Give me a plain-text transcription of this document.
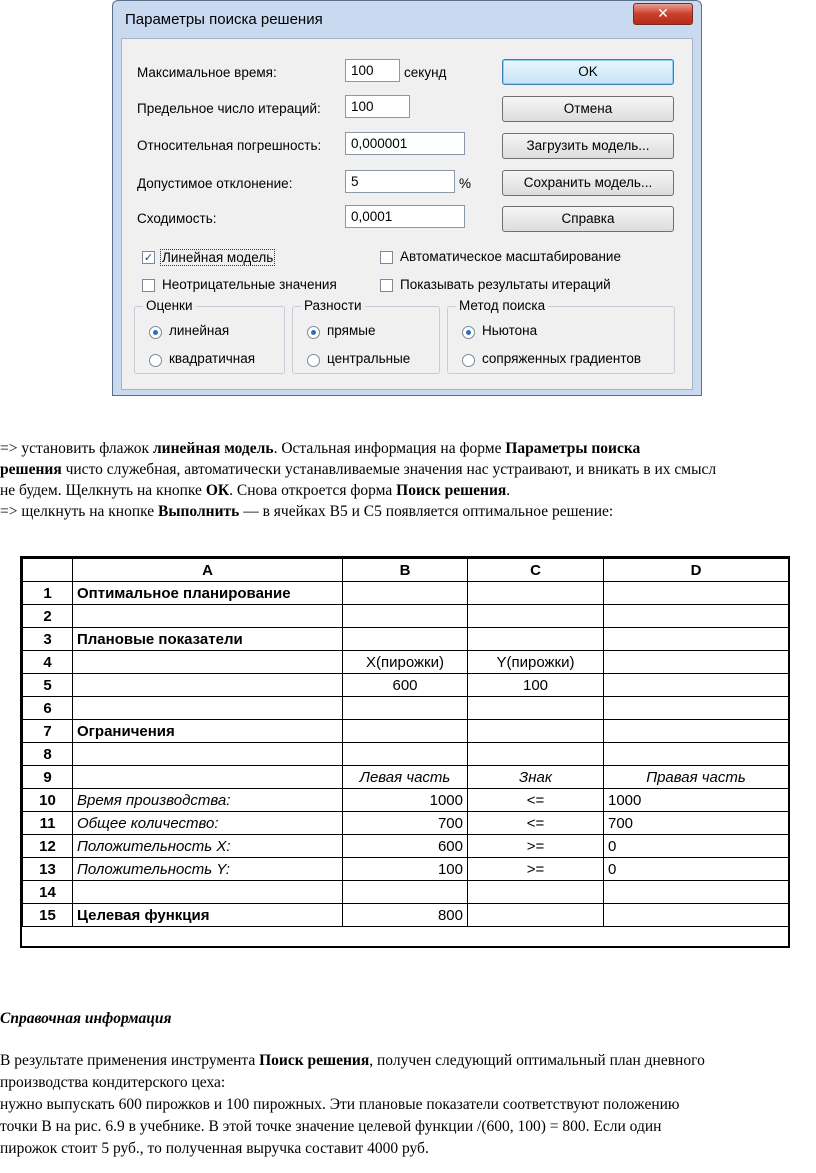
Параметры поиска решения	✕
Максимальное время:	100	секунд
Предельное число итераций:	100
Относительная погрешность:	0,000001
Допустимое отклонение:	5	%
Сходимость:	0,0001
OK
Отмена
Загрузить модель...
Сохранить модель...
Справка
✓ Линейная модель
Неотрицательные значения
Автоматическое масштабирование
Показывать результаты итераций
Оценки
линейная
квадратичная
Разности
прямые
центральные
Метод поиска
Ньютона
сопряженных градиентов
=> установить флажок линейная модель. Остальная информация на форме Параметры поиска
решения чисто служебная, автоматически устанавливаемые значения нас устраивают, и вникать в их смысл
не будем. Щелкнуть на кнопке ОК. Снова откроется форма Поиск решения.
=> щелкнуть на кнопке Выполнить — в ячейках B5 и C5 появляется оптимальное решение:
	A	B	C	D
1	Оптимальное планирование			
2				
3	Плановые показатели			
4		X(пирожки)	Y(пирожки)	
5		600	100	
6				
7	Ограничения			
8				
9		Левая часть	Знак	Правая часть
10	Время производства:	1000	<=	1000
11	Общее количество:	700	<=	700
12	Положительность X:	600	>=	0
13	Положительность Y:	100	>=	0
14				
15	Целевая функция	800		
Справочная информация
В результате применения инструмента Поиск решения, получен следующий оптимальный план дневного
производства кондитерского цеха:
нужно выпускать 600 пирожков и 100 пирожных. Эти плановые показатели соответствуют положению
точки B на рис. 6.9 в учебнике. В этой точке значение целевой функции /(600, 100) = 800. Если один
пирожок стоит 5 руб., то полученная выручка составит 4000 руб.
